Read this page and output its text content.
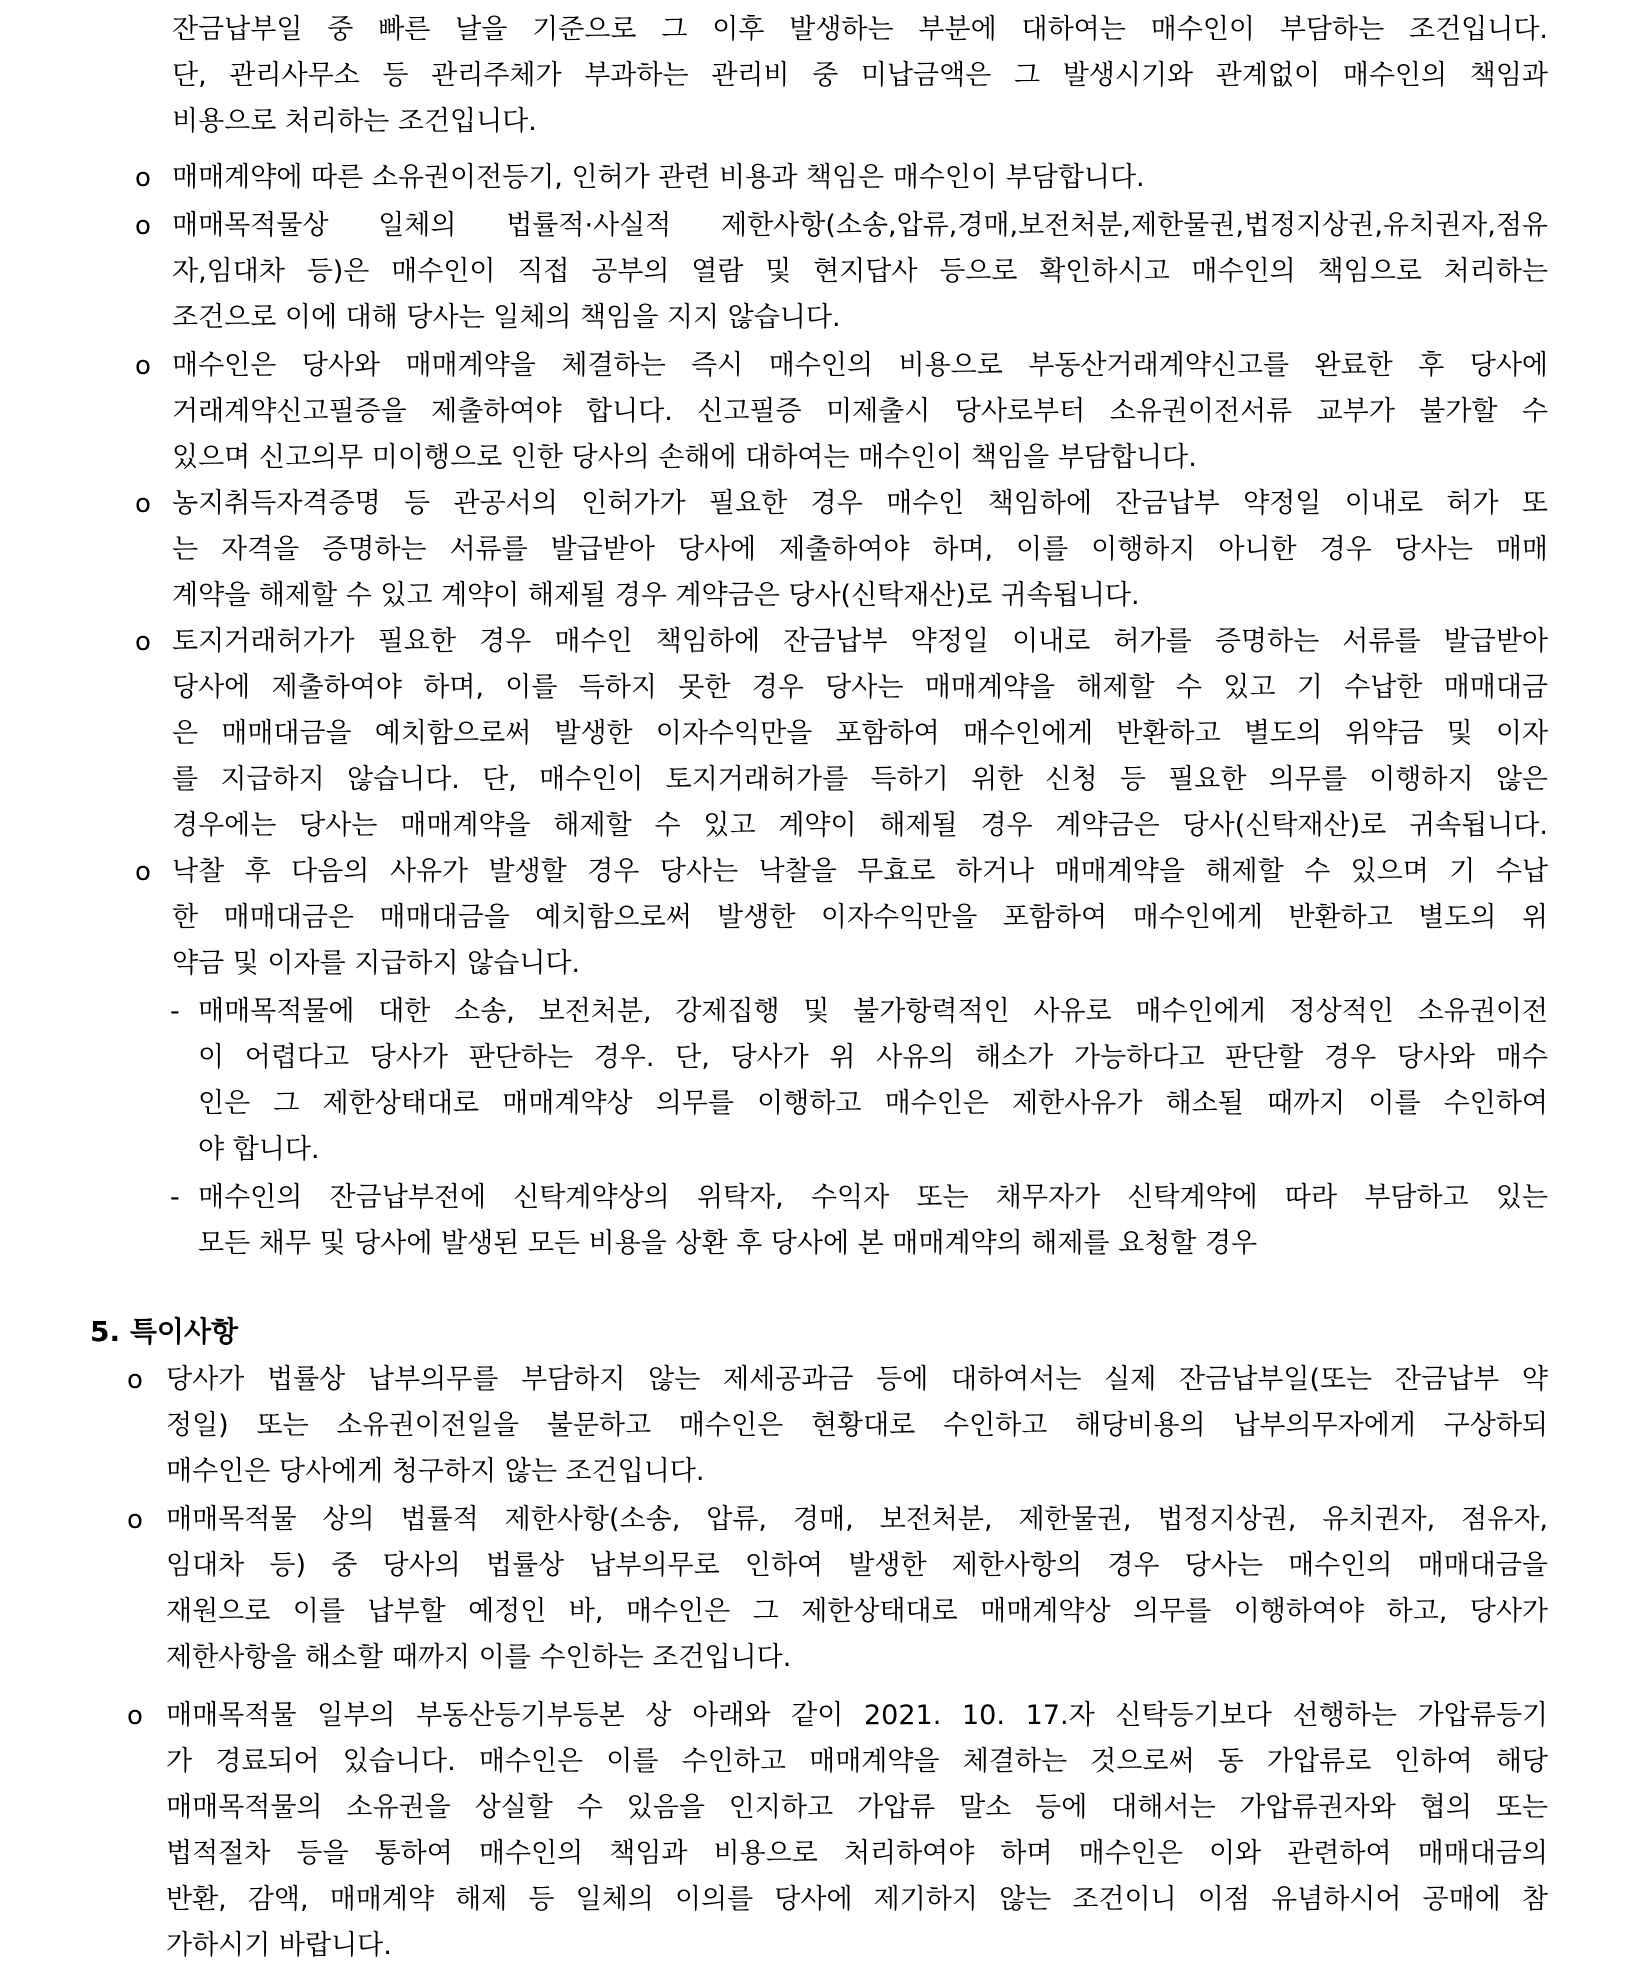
잔금납부일 중 빠른 날을 기준으로 그 이후 발생하는 부분에 대하여는 매수인이 부담하는 조건입니다.
단, 관리사무소 등 관리주체가 부과하는 관리비 중 미납금액은 그 발생시기와 관계없이 매수인의 책임과
비용으로 처리하는 조건입니다.
o 매매계약에 따른 소유권이전등기, 인허가 관련 비용과 책임은 매수인이 부담합니다.
o 매매목적물상 일체의 법률적·사실적 제한사항(소송,압류,경매,보전처분,제한물권,법정지상권,유치권자,점유
자,임대차 등)은 매수인이 직접 공부의 열람 및 현지답사 등으로 확인하시고 매수인의 책임으로 처리하는
조건으로 이에 대해 당사는 일체의 책임을 지지 않습니다.
o 매수인은 당사와 매매계약을 체결하는 즉시 매수인의 비용으로 부동산거래계약신고를 완료한 후 당사에
거래계약신고필증을 제출하여야 합니다. 신고필증 미제출시 당사로부터 소유권이전서류 교부가 불가할 수
있으며 신고의무 미이행으로 인한 당사의 손해에 대하여는 매수인이 책임을 부담합니다.
o 농지취득자격증명 등 관공서의 인허가가 필요한 경우 매수인 책임하에 잔금납부 약정일 이내로 허가 또
는 자격을 증명하는 서류를 발급받아 당사에 제출하여야 하며, 이를 이행하지 아니한 경우 당사는 매매
계약을 해제할 수 있고 계약이 해제될 경우 계약금은 당사(신탁재산)로 귀속됩니다.
o 토지거래허가가 필요한 경우 매수인 책임하에 잔금납부 약정일 이내로 허가를 증명하는 서류를 발급받아
당사에 제출하여야 하며, 이를 득하지 못한 경우 당사는 매매계약을 해제할 수 있고 기 수납한 매매대금
은 매매대금을 예치함으로써 발생한 이자수익만을 포함하여 매수인에게 반환하고 별도의 위약금 및 이자
를 지급하지 않습니다. 단, 매수인이 토지거래허가를 득하기 위한 신청 등 필요한 의무를 이행하지 않은
경우에는 당사는 매매계약을 해제할 수 있고 계약이 해제될 경우 계약금은 당사(신탁재산)로 귀속됩니다.
o 낙찰 후 다음의 사유가 발생할 경우 당사는 낙찰을 무효로 하거나 매매계약을 해제할 수 있으며 기 수납
한 매매대금은 매매대금을 예치함으로써 발생한 이자수익만을 포함하여 매수인에게 반환하고 별도의 위
약금 및 이자를 지급하지 않습니다.
- 매매목적물에 대한 소송, 보전처분, 강제집행 및 불가항력적인 사유로 매수인에게 정상적인 소유권이전
이 어렵다고 당사가 판단하는 경우. 단, 당사가 위 사유의 해소가 가능하다고 판단할 경우 당사와 매수
인은 그 제한상태대로 매매계약상 의무를 이행하고 매수인은 제한사유가 해소될 때까지 이를 수인하여
야 합니다.
- 매수인의 잔금납부전에 신탁계약상의 위탁자, 수익자 또는 채무자가 신탁계약에 따라 부담하고 있는
모든 채무 및 당사에 발생된 모든 비용을 상환 후 당사에 본 매매계약의 해제를 요청할 경우
5. 특이사항
o 당사가 법률상 납부의무를 부담하지 않는 제세공과금 등에 대하여서는 실제 잔금납부일(또는 잔금납부 약
정일) 또는 소유권이전일을 불문하고 매수인은 현황대로 수인하고 해당비용의 납부의무자에게 구상하되
매수인은 당사에게 청구하지 않는 조건입니다.
o 매매목적물 상의 법률적 제한사항(소송, 압류, 경매, 보전처분, 제한물권, 법정지상권, 유치권자, 점유자,
임대차 등) 중 당사의 법률상 납부의무로 인하여 발생한 제한사항의 경우 당사는 매수인의 매매대금을
재원으로 이를 납부할 예정인 바, 매수인은 그 제한상태대로 매매계약상 의무를 이행하여야 하고, 당사가
제한사항을 해소할 때까지 이를 수인하는 조건입니다.
o 매매목적물 일부의 부동산등기부등본 상 아래와 같이 2021. 10. 17.자 신탁등기보다 선행하는 가압류등기
가 경료되어 있습니다. 매수인은 이를 수인하고 매매계약을 체결하는 것으로써 동 가압류로 인하여 해당
매매목적물의 소유권을 상실할 수 있음을 인지하고 가압류 말소 등에 대해서는 가압류권자와 협의 또는
법적절차 등을 통하여 매수인의 책임과 비용으로 처리하여야 하며 매수인은 이와 관련하여 매매대금의
반환, 감액, 매매계약 해제 등 일체의 이의를 당사에 제기하지 않는 조건이니 이점 유념하시어 공매에 참
가하시기 바랍니다.
